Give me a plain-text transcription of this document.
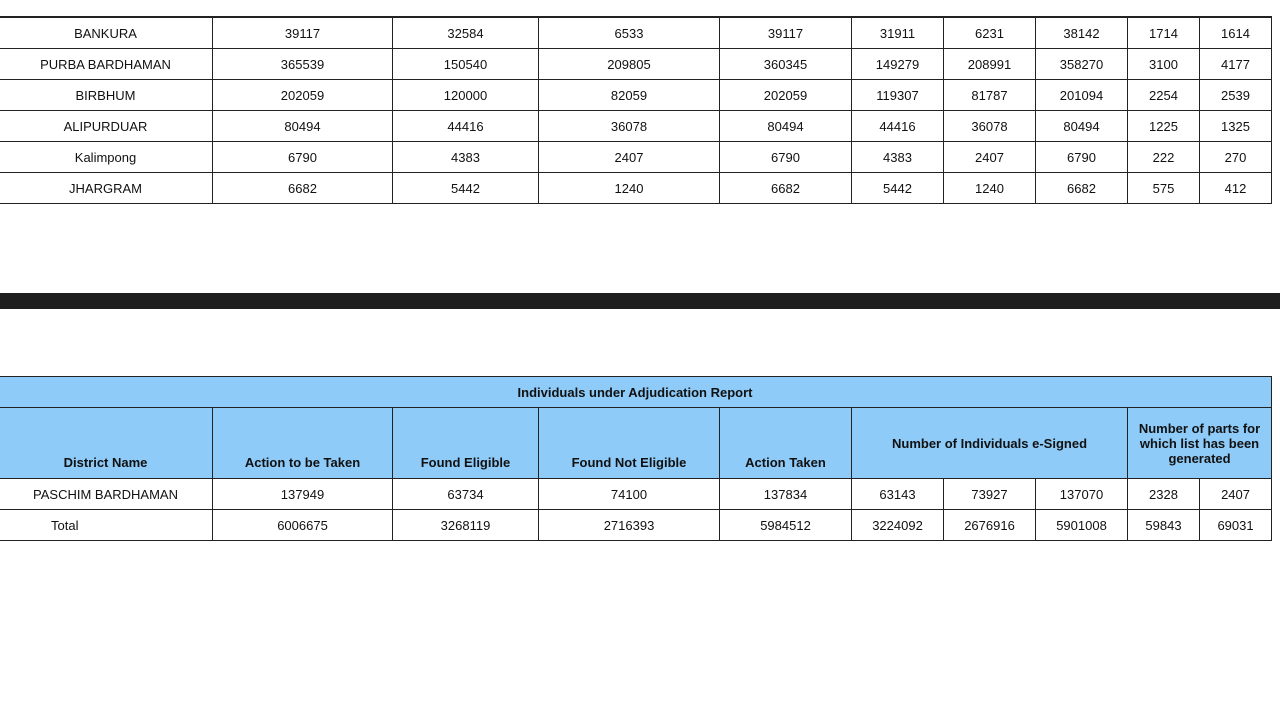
BANKURA	39117	32584	6533	39117	31911	6231	38142	1714	1614
PURBA BARDHAMAN	365539	150540	209805	360345	149279	208991	358270	3100	4177
BIRBHUM	202059	120000	82059	202059	119307	81787	201094	2254	2539
ALIPURDUAR	80494	44416	36078	80494	44416	36078	80494	1225	1325
Kalimpong	6790	4383	2407	6790	4383	2407	6790	222	270
JHARGRAM	6682	5442	1240	6682	5442	1240	6682	575	412
Individuals under Adjudication Report									
District Name	Action to be Taken	Found Eligible	Found Not Eligible	Action Taken	Number of Individuals e-Signed			Number of parts for which list has been generated	
PASCHIM BARDHAMAN	137949	63734	74100	137834	63143	73927	137070	2328	2407
Total	6006675	3268119	2716393	5984512	3224092	2676916	5901008	59843	69031
